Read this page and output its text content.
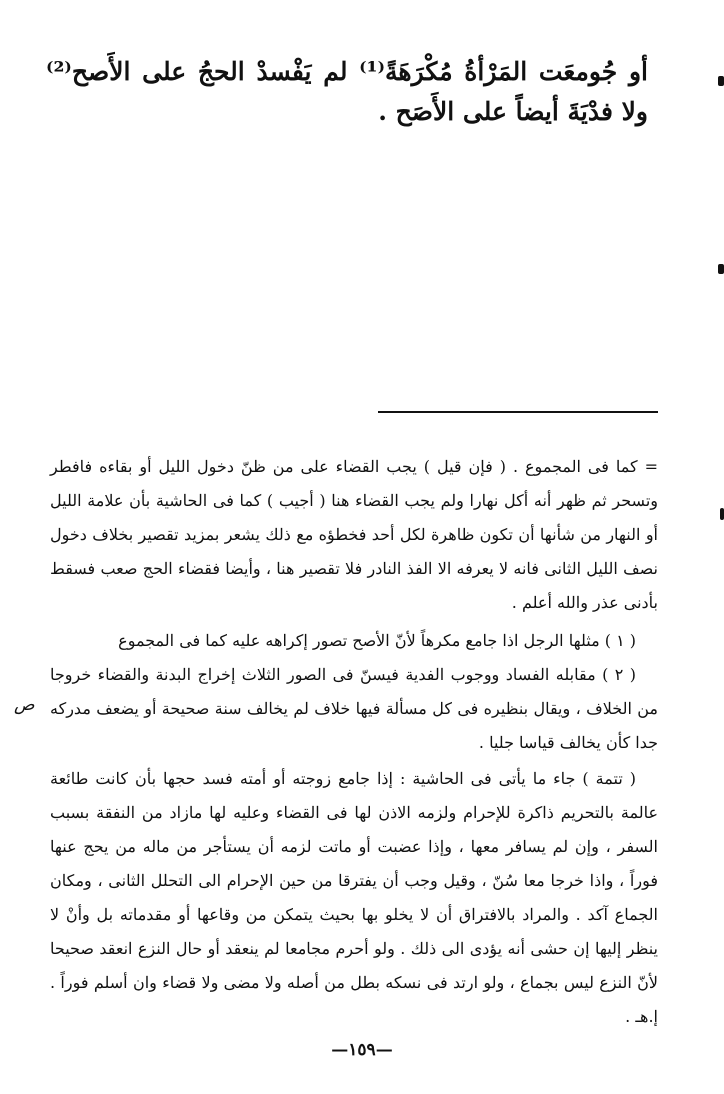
أو جُومعَت المَرْأةُ مُكْرَهَةً⁽¹⁾ لم يَفْسدْ الحجُ على الأَصح⁽²⁾ ولا فدْيَةَ أيضاً على الأَصَح .

= كما فى المجموع . ( فإن قيل ) يجب القضاء على من ظنّ دخول الليل أو بقاءه فافطر وتسحر ثم ظهر أنه أكل نهارا ولم يجب القضاء هنا ( أجيب ) كما فى الحاشية بأن علامة الليل أو النهار من شأنها أن تكون ظاهرة لكل أحد فخطؤه مع ذلك يشعر بمزيد تقصير بخلاف دخول نصف الليل الثانى فانه لا يعرفه الا الفذ النادر فلا تقصير هنا ، وأيضا فقضاء الحج صعب فسقط بأدنى عذر والله أعلم .

( ١ ) مثلها الرجل اذا جامع مكرهاً لأنّ الأصح تصور إكراهه عليه كما فى المجموع

( ٢ ) مقابله الفساد ووجوب الفدية فيسنّ فى الصور الثلاث إخراج البدنة والقضاء خروجا من الخلاف ، ويقال بنظيره فى كل مسألة فيها خلاف لم يخالف سنة صحيحة أو يضعف مدركه جدا كأن يخالف قياسا جليا .

( تتمة ) جاء ما يأتى فى الحاشية : إذا جامع زوجته أو أمته فسد حجها بأن كانت طائعة عالمة بالتحريم ذاكرة للإحرام ولزمه الاذن لها فى القضاء وعليه لها مازاد من النفقة بسبب السفر ، وإن لم يسافر معها ، وإذا عضبت أو ماتت لزمه أن يستأجر من ماله من يحج عنها فوراً ، واذا خرجا معا سُنّ ، وقيل وجب أن يفترقا من حين الإحرام الى التحلل الثانى ، ومكان الجماع آكد . والمراد بالافتراق أن لا يخلو بها بحيث يتمكن من وقاعها أو مقدماته بل وأنْ لا ينظر إليها إن حشى أنه يؤدى الى ذلك . ولو أحرم مجامعا لم ينعقد أو حال النزع انعقد صحيحا لأنّ النزع ليس بجماع ، ولو ارتد فى نسكه بطل من أصله ولا مضى ولا قضاء وان أسلم فوراً . إ.هـ .

ص
—١٥٩—
